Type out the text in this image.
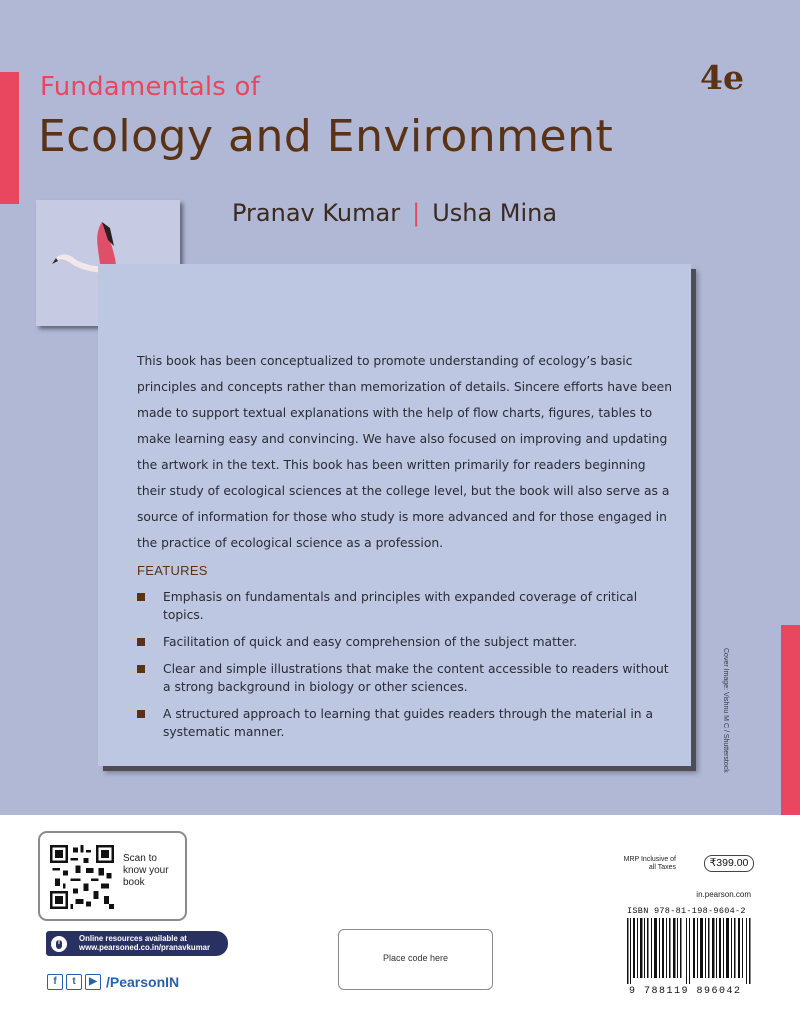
Fundamentals of
Ecology and Environment
4e
Pranav Kumar | Usha Mina

This book has been conceptualized to promote understanding of ecology’s basic principles and concepts rather than memorization of details. Sincere efforts have been made to support textual explanations with the help of flow charts, figures, tables to make learning easy and convincing. We have also focused on improving and updating the artwork in the text. This book has been written primarily for readers beginning their study of ecological sciences at the college level, but the book will also serve as a source of information for those who study is more advanced and for those engaged in the practice of ecological science as a profession.

FEATURES
Emphasis on fundamentals and principles with expanded coverage of critical topics.
Facilitation of quick and easy comprehension of the subject matter.
Clear and simple illustrations that make the content accessible to readers without a strong background in biology or other sciences.
A structured approach to learning that guides readers through the material in a systematic manner.	Cover Image: Vishnu M C / Shutterstock
Scan to know your book
Online resources available at
www.pearsoned.co.in/pranavkumar
f	t	▶ /PearsonIN
Place code here
MRP Inclusive of all Taxes	₹399.00
in.pearson.com
ISBN 978-81-198-9604-2
9 788119 896042
